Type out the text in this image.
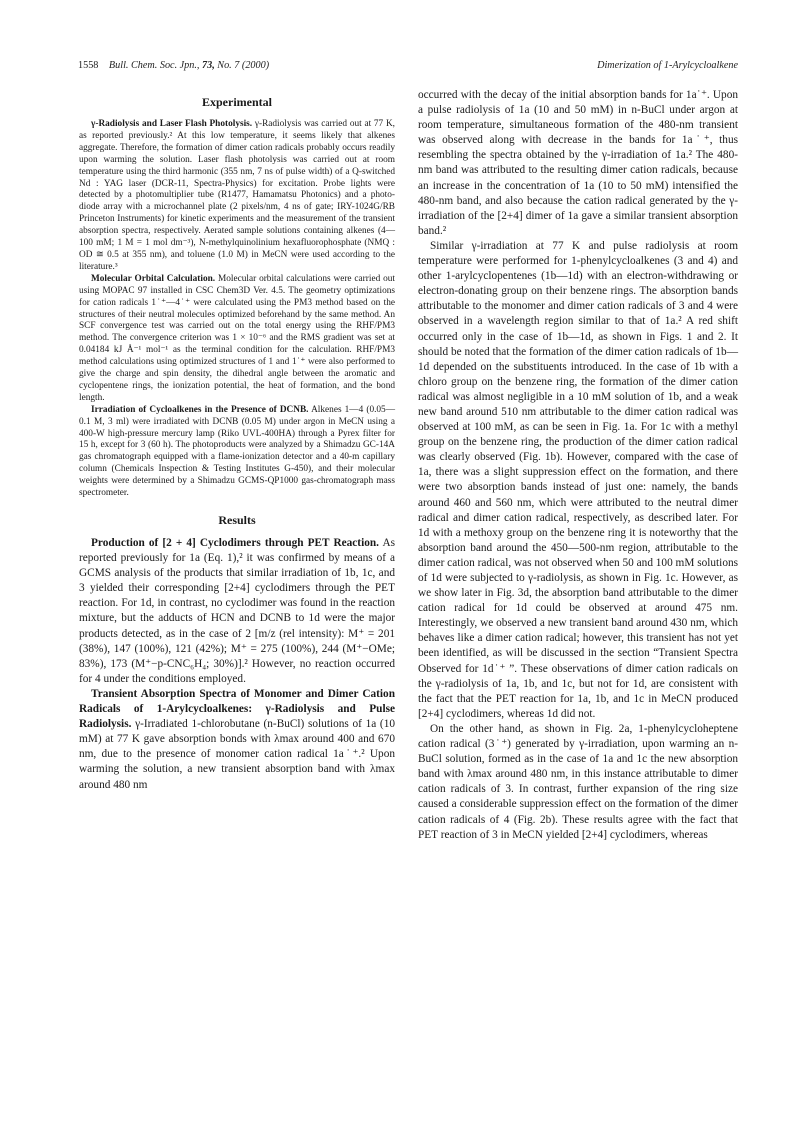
1558 Bull. Chem. Soc. Jpn., 73, No. 7 (2000)	Dimerization of 1-Arylcycloalkene

Experimental

γ-Radiolysis and Laser Flash Photolysis. γ-Radiolysis was carried out at 77 K, as reported previously.² At this low temperature, it seems likely that alkenes aggregate. Therefore, the formation of dimer cation radicals probably occurs readily upon warming the solution. Laser flash photolysis was carried out at room temperature using the third harmonic (355 nm, 7 ns of pulse width) of a Q-switched Nd : YAG laser (DCR-11, Spectra-Physics) for excitation. Probe lights were detected by a photomultiplier tube (R1477, Hamamatsu Photonics) and a photo-diode array with a microchannel plate (2 pixels/nm, 4 ns of gate; IRY-1024G/RB Princeton Instruments) for kinetic experiments and the measurement of the transient absorption spectra, respectively. Aerated sample solutions containing alkenes (4—100 mM; 1 M = 1 mol dm⁻³), N-methylquinolinium hexafluorophosphate (NMQ : OD ≅ 0.5 at 355 nm), and toluene (1.0 M) in MeCN were used according to the literature.³

Molecular Orbital Calculation. Molecular orbital calculations were carried out using MOPAC 97 installed in CSC Chem3D Ver. 4.5. The geometry optimizations for cation radicals 1˙⁺—4˙⁺ were calculated using the PM3 method based on the structures of their neutral molecules optimized beforehand by the same method. An SCF convergence test was carried out on the total energy using the RHF/PM3 method. The convergence criterion was 1 × 10⁻⁶ and the RMS gradient was set at 0.04184 kJ Å⁻¹ mol⁻¹ as the terminal condition for the calculation. RHF/PM3 method calculations using optimized structures of 1 and 1˙⁺ were also performed to give the charge and spin density, the dihedral angle between the aromatic and cyclopentene rings, the ionization potential, the heat of formation, and the bond length.

Irradiation of Cycloalkenes in the Presence of DCNB. Alkenes 1—4 (0.05—0.1 M, 3 ml) were irradiated with DCNB (0.05 M) under argon in MeCN using a 400-W high-pressure mercury lamp (Riko UVL-400HA) through a Pyrex filter for 15 h, except for 3 (60 h). The photoproducts were analyzed by a Shimadzu GC-14A gas chromatograph equipped with a flame-ionization detector and a 40-m capillary column (Chemicals Inspection & Testing Institutes G-450), and their molecular weights were determined by a Shimadzu GCMS-QP1000 gas-chromatograph mass spectrometer.

Results

Production of [2 + 4] Cyclodimers through PET Reaction. As reported previously for 1a (Eq. 1),² it was confirmed by means of a GCMS analysis of the products that similar irradiation of 1b, 1c, and 3 yielded their corresponding [2+4] cyclodimers through the PET reaction. For 1d, in contrast, no cyclodimer was found in the reaction mixture, but the adducts of HCN and DCNB to 1d were the major products detected, as in the case of 2 [m/z (rel intensity): M⁺ = 201 (38%), 147 (100%), 121 (42%); M⁺ = 275 (100%), 244 (M⁺−OMe; 83%), 173 (M⁺−p-CNC₆H₄; 30%)].² However, no reaction occurred for 4 under the conditions employed.

Transient Absorption Spectra of Monomer and Dimer Cation Radicals of 1-Arylcycloalkenes: γ-Radiolysis and Pulse Radiolysis. γ-Irradiated 1-chlorobutane (n-BuCl) solutions of 1a (10 mM) at 77 K gave absorption bonds with λmax around 400 and 670 nm, due to the presence of monomer cation radical 1a˙⁺.² Upon warming the solution, a new transient absorption band with λmax around 480 nm

occurred with the decay of the initial absorption bands for 1a˙⁺. Upon a pulse radiolysis of 1a (10 and 50 mM) in n-BuCl under argon at room temperature, simultaneous formation of the 480-nm transient was observed along with decrease in the bands for 1a˙⁺, thus resembling the spectra obtained by the γ-irradiation of 1a.² The 480-nm band was attributed to the resulting dimer cation radicals, because an increase in the concentration of 1a (10 to 50 mM) intensified the 480-nm band, and also because the cation radical generated by the γ-irradiation of the [2+4] dimer of 1a gave a similar transient absorption band.²

Similar γ-irradiation at 77 K and pulse radiolysis at room temperature were performed for 1-phenylcycloalkenes (3 and 4) and other 1-arylcyclopentenes (1b—1d) with an electron-withdrawing or electron-donating group on their benzene rings. The absorption bands attributable to the monomer and dimer cation radicals of 3 and 4 were observed in a wavelength region similar to that of 1a.² A red shift occurred only in the case of 1b—1d, as shown in Figs. 1 and 2. It should be noted that the formation of the dimer cation radicals of 1b—1d depended on the substituents introduced. In the case of 1b with a chloro group on the benzene ring, the formation of the dimer cation radical was almost negligible in a 10 mM solution of 1b, and a weak new band around 510 nm attributable to the dimer cation radical was observed at 100 mM, as can be seen in Fig. 1a. For 1c with a methyl group on the benzene ring, the production of the dimer cation radical was clearly observed (Fig. 1b). However, compared with the case of 1a, there was a slight suppression effect on the formation, and there were two absorption bands instead of just one: namely, the bands around 460 and 560 nm, which were attributed to the neutral dimer radical and dimer cation radical, respectively, as described later. For 1d with a methoxy group on the benzene ring it is noteworthy that the absorption band around the 450—500-nm region, attributable to the dimer cation radical, was not observed when 50 and 100 mM solutions of 1d were subjected to γ-radiolysis, as shown in Fig. 1c. However, as we show later in Fig. 3d, the absorption band attributable to the dimer cation radical for 1d could be observed at around 475 nm. Interestingly, we observed a new transient band around 430 nm, which behaves like a dimer cation radical; however, this transient has not yet been identified, as will be discussed in the section “Transient Spectra Observed for 1d˙⁺ ”. These observations of dimer cation radicals on the γ-radiolysis of 1a, 1b, and 1c, but not for 1d, are consistent with the fact that the PET reaction for 1a, 1b, and 1c in MeCN produced [2+4] cyclodimers, whereas 1d did not.

On the other hand, as shown in Fig. 2a, 1-phenylcycloheptene cation radical (3˙⁺) generated by γ-irradiation, upon warming an n-BuCl solution, formed as in the case of 1a and 1c the new absorption band with λmax around 480 nm, in this instance attributable to dimer cation radicals of 3. In contrast, further expansion of the ring size caused a considerable suppression effect on the formation of the dimer cation radicals of 4 (Fig. 2b). These results agree with the fact that PET reaction of 3 in MeCN yielded [2+4] cyclodimers, whereas
